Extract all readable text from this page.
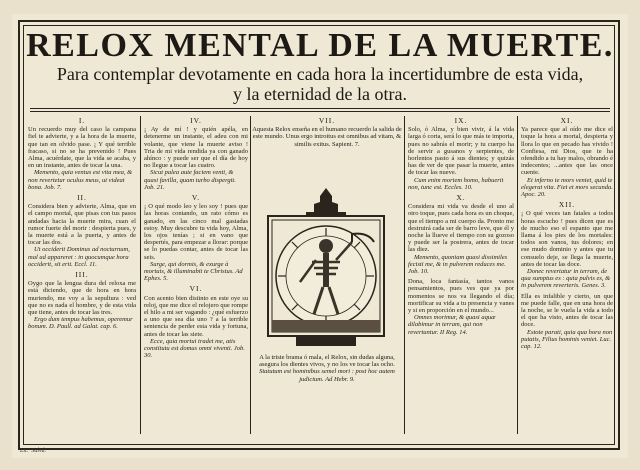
RELOX MENTAL DE LA MUERTE.
Para contemplar devotamente en cada hora la incertidumbre de esta vida, y la eternidad de la otra.
I.
Un recuerdo muy del caso la campana fiel te advierte, y a la hora de la muerte, que tan en olvido pase. ¡ Y qué terrible fracaso, si no se ha prevenido ! Pues Alma, acuérdate, que la vida se acaba, y en un instante, antes de tocar la una.
Memento, quia ventus est vita mea, & non revertetur oculus meus, ut videat bona. Job. 7.
II.
Considera bien y advierte, Alma, que en el campo mortal, que pisas con tus pasos andadas hacia la muerte mira, cuan el rumor fuerte del morir : despierta pues, y la muerte está a la puerta, y antes de tocar las dos.
Ut occiderit Dominus ad nocturnum, mal ad appareret : in quocumque hora occiderit, sit erit. Eccl. 11.
III.
Oygo que la lengua dura del reloxa me está diciendo, que de hora en hora muriendo, me voy a la sepultura : ved que no es nada el hombre, y de esta vida que tiene, antes de tocar las tres.
Ergo dum tempus habemus, operemur bonum. D. Paull. ad Galat. cap. 6.
IV.
¡ Ay de mí ! y quién apéla, en detenerme un instante, el adeu con mi volante, que viene la muerte aviso ! Tria de mi vida rendida ya con ganado ahínco : y puede ser que el día de hoy no llegue a tocar las cuatro.
Sicut palea aute faciem venti, & quasi favilla, quam turbo dispergit. Job. 21.
V.
¡ O qué modo leo y leo soy ! pues que las horas contando, un rato cómo es ganado, en las cinco mal gastadas estoy. Muy descubre tu vida hoy, Alma, los ojos tenías ; si en vano que despertés, para empezar a llorar: porque se lo puedas contar, antes de tocar las seis.
Surge, qui dormis, & exurge à mortuis, & illuminabit te Christus. Ad Ephes. 5.
VI.
Con acento bien distinto en este oye su reloj, que me dice el relojero que rompe el hilo a mi ser vagando : ¿qué esfuerzo a uno que sea día uno ? a la terrible sentencia de perder esta vida y fortuna, antes de tocar las siete.
Ecce, quia mortui tradet me, atis constitutu est domus omni viventi. Job. 30.
VII.
Aquesta Relox enseña en el humano recuerdo la salida de este mundo. Unus ergo introitus est omnibus ad vitam, & similis exitus. Sapient. 7.
A la triste brama ó mala, el Relox, sin dudas alguna, asegura los dientes vivos, y no los ve tocar las ocho.
Statutum est hominibus semel mori : post hoc autem judicium. Ad Hebr. 9.
IX.
Solo, ó Alma, y bien vivir, á la vida larga ó corta, será lo que más te importa, pues no sabrás el morir; y tu cuerpo ha de servir a gusanos y serpientes, de horlentos pasto á sus dientes; y quizás has de ver de que pasar la muerte, antes de tocar las nueve.
Cum enim mortem homo, habuerit non, tunc est. Eccles. 10.
X.
Considera mi vida va desde el uno al otro toque, pues cada hora es un choque, que el tiempo a mi cuerpo da. Pronto me destruirá cada ser de barro leve, que él y noche la llueve el tiempo con su gozoso y puede ser la postrera, antes de tocar las diez.
Memento, quoniam quasi dissimiles fecisti me, & in pulverem reduces me. Job. 10.
Dona, loca fantasía, tantos vanos pensamientos, pues ves que ya por momentos se nos va llegando el día; mortificar su vida a tu presencia y vanes y si en proporción en el mundo...
Omnes morimur, & quasi aquæ dilabimur in terram, qui non revertuntur. II Reg. 14.
XI.
Ya parece que al oído me dice el toque la hora a mortal, despierta y llora lo que en pecado has vivido ! Confiesa, mi Dios, que te ha ofendido a tu hay malos, obrando é indecentes; ...antes que las once cuente.
Et inferno te mors veniet, quid te elegerat vita. Fiet et mors secunda. Apoc. 20.
XII.
¡ O qué veces tan fatales a todos horas escucho ! pues dicen que es de mucho eso el espanto que me llama á los pies de los mortales: todos son vanos, tus dolores; en ese mudo dominio y antes que tu consuelo deje, se llega la muerte, antes de tocar las doce.
Donec revertatur in terram, de qua sumptus es : quia pulvis es, & in pulverem reverteris. Genes. 3.
Ella es infalible y cierto, un que me puede falle, que en una hora de la noche, se le vuela la vida a todo el que ha visto, antes de tocar las doce.
Estote parati, quia qua hora non putatis, Filius hominis veniet. Luc. cap. 12.
Lit.ª Salvá.
